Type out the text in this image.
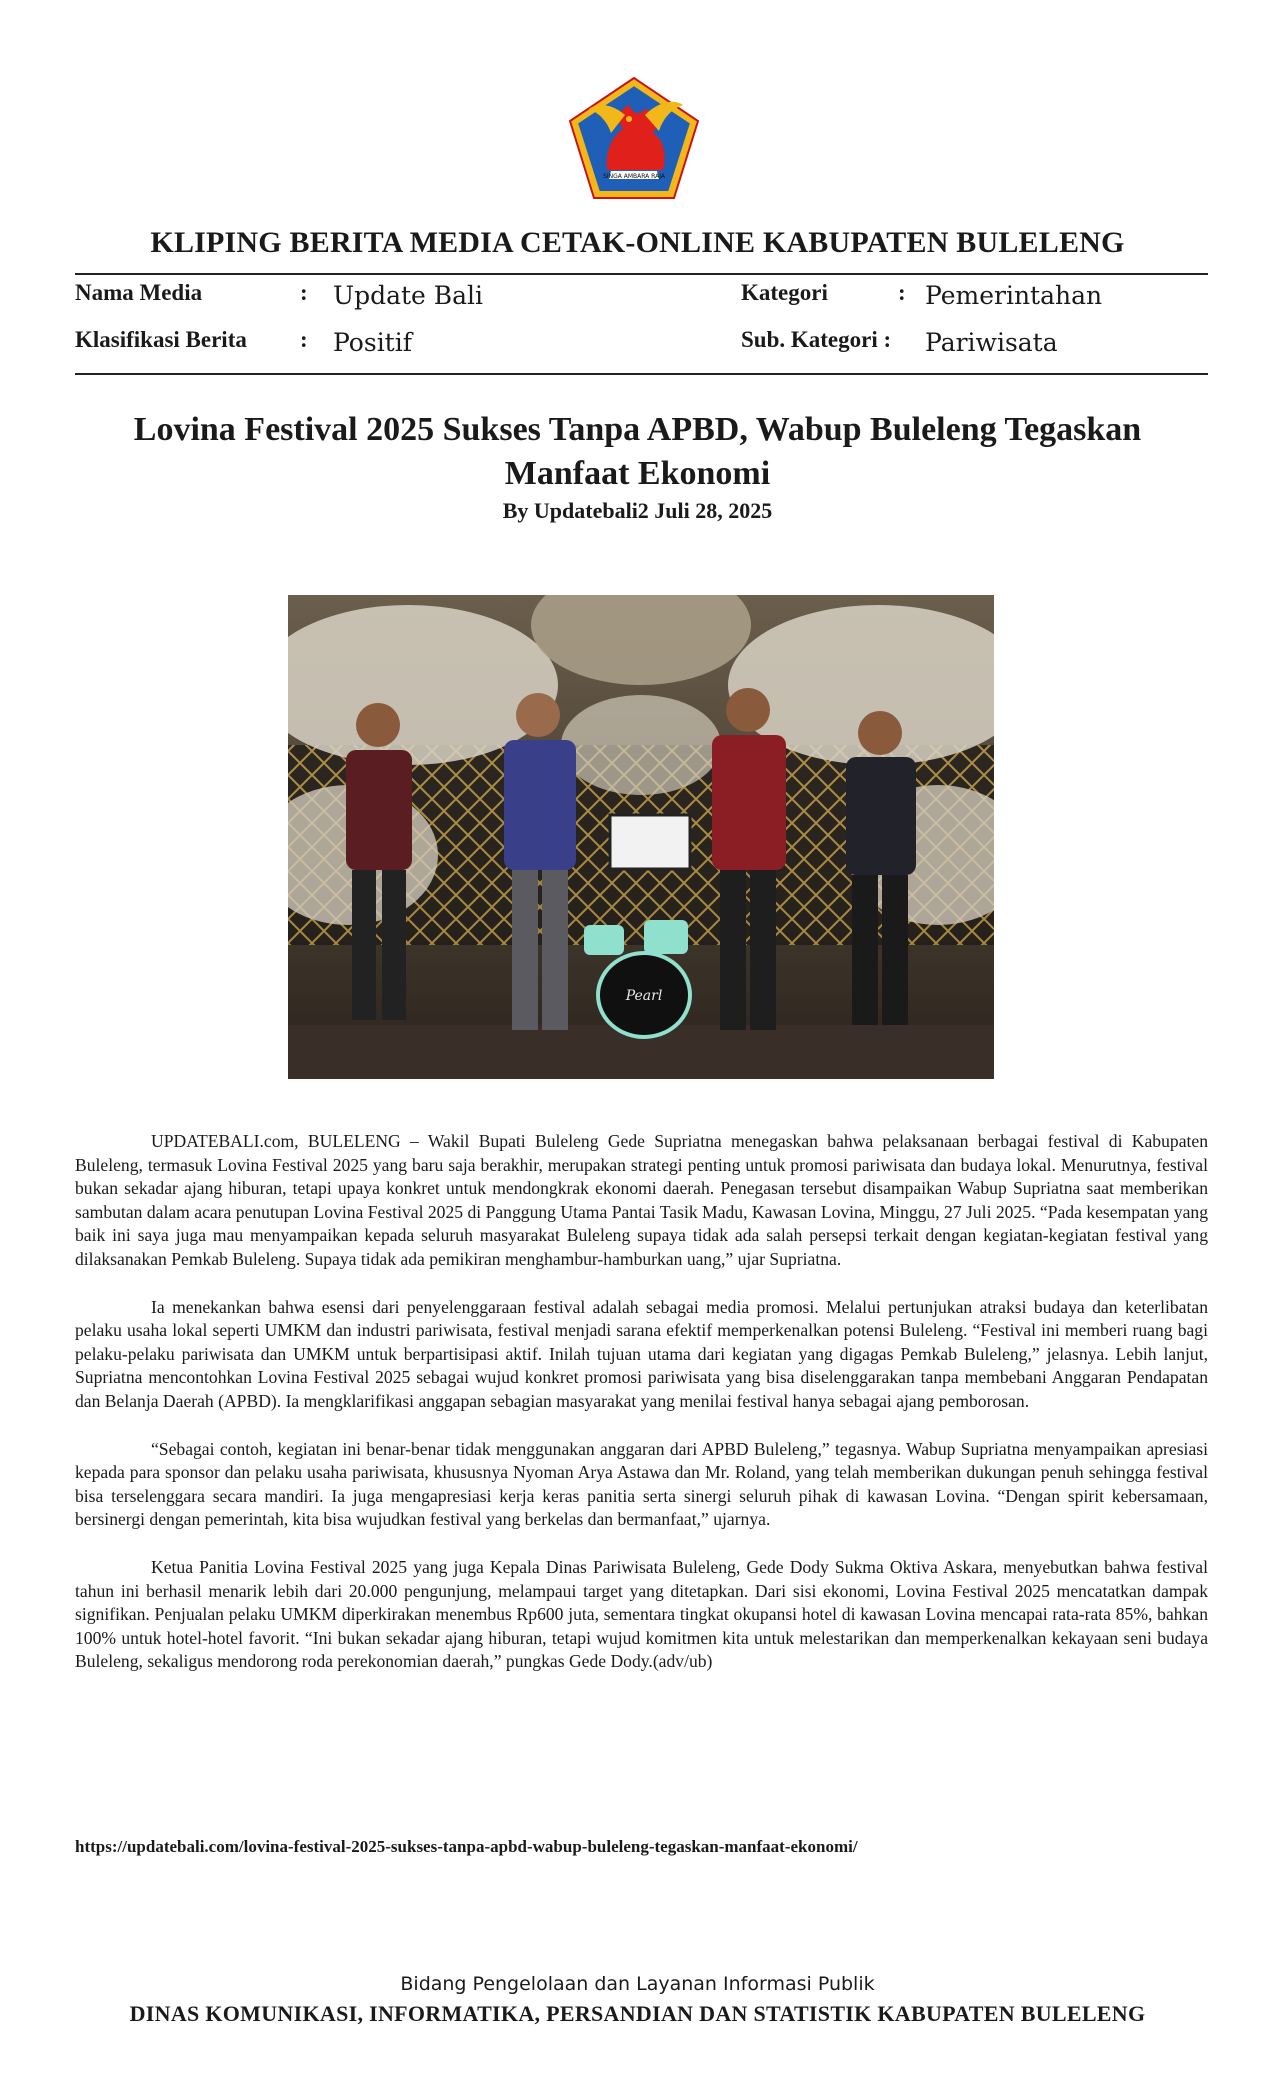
SINGA AMBARA RAJA
KLIPING BERITA MEDIA CETAK-ONLINE KABUPATEN BULELENG
Nama Media	: Update Bali
Klasifikasi Berita : Positif
Kategori	: Pemerintahan
Sub. Kategori : Pariwisata
Lovina Festival 2025 Sukses Tanpa APBD, Wabup Buleleng Tegaskan Manfaat Ekonomi
By Updatebali2 Juli 28, 2025
Pearl

UPDATEBALI.com, BULELENG – Wakil Bupati Buleleng Gede Supriatna menegaskan bahwa pelaksanaan berbagai festival di Kabupaten Buleleng, termasuk Lovina Festival 2025 yang baru saja berakhir, merupakan strategi penting untuk promosi pariwisata dan budaya lokal. Menurutnya, festival bukan sekadar ajang hiburan, tetapi upaya konkret untuk mendongkrak ekonomi daerah. Penegasan tersebut disampaikan Wabup Supriatna saat memberikan sambutan dalam acara penutupan Lovina Festival 2025 di Panggung Utama Pantai Tasik Madu, Kawasan Lovina, Minggu, 27 Juli 2025. “Pada kesempatan yang baik ini saya juga mau menyampaikan kepada seluruh masyarakat Buleleng supaya tidak ada salah persepsi terkait dengan kegiatan-kegiatan festival yang dilaksanakan Pemkab Buleleng. Supaya tidak ada pemikiran menghambur-hamburkan uang,” ujar Supriatna.

Ia menekankan bahwa esensi dari penyelenggaraan festival adalah sebagai media promosi. Melalui pertunjukan atraksi budaya dan keterlibatan pelaku usaha lokal seperti UMKM dan industri pariwisata, festival menjadi sarana efektif memperkenalkan potensi Buleleng. “Festival ini memberi ruang bagi pelaku-pelaku pariwisata dan UMKM untuk berpartisipasi aktif. Inilah tujuan utama dari kegiatan yang digagas Pemkab Buleleng,” jelasnya. Lebih lanjut, Supriatna mencontohkan Lovina Festival 2025 sebagai wujud konkret promosi pariwisata yang bisa diselenggarakan tanpa membebani Anggaran Pendapatan dan Belanja Daerah (APBD). Ia mengklarifikasi anggapan sebagian masyarakat yang menilai festival hanya sebagai ajang pemborosan.

“Sebagai contoh, kegiatan ini benar-benar tidak menggunakan anggaran dari APBD Buleleng,” tegasnya. Wabup Supriatna menyampaikan apresiasi kepada para sponsor dan pelaku usaha pariwisata, khususnya Nyoman Arya Astawa dan Mr. Roland, yang telah memberikan dukungan penuh sehingga festival bisa terselenggara secara mandiri. Ia juga mengapresiasi kerja keras panitia serta sinergi seluruh pihak di kawasan Lovina. “Dengan spirit kebersamaan, bersinergi dengan pemerintah, kita bisa wujudkan festival yang berkelas dan bermanfaat,” ujarnya.

Ketua Panitia Lovina Festival 2025 yang juga Kepala Dinas Pariwisata Buleleng, Gede Dody Sukma Oktiva Askara, menyebutkan bahwa festival tahun ini berhasil menarik lebih dari 20.000 pengunjung, melampaui target yang ditetapkan. Dari sisi ekonomi, Lovina Festival 2025 mencatatkan dampak signifikan. Penjualan pelaku UMKM diperkirakan menembus Rp600 juta, sementara tingkat okupansi hotel di kawasan Lovina mencapai rata-rata 85%, bahkan 100% untuk hotel-hotel favorit. “Ini bukan sekadar ajang hiburan, tetapi wujud komitmen kita untuk melestarikan dan memperkenalkan kekayaan seni budaya Buleleng, sekaligus mendorong roda perekonomian daerah,” pungkas Gede Dody.(adv/ub)

https://updatebali.com/lovina-festival-2025-sukses-tanpa-apbd-wabup-buleleng-tegaskan-manfaat-ekonomi/
Bidang Pengelolaan dan Layanan Informasi Publik
DINAS KOMUNIKASI, INFORMATIKA, PERSANDIAN DAN STATISTIK KABUPATEN BULELENG
